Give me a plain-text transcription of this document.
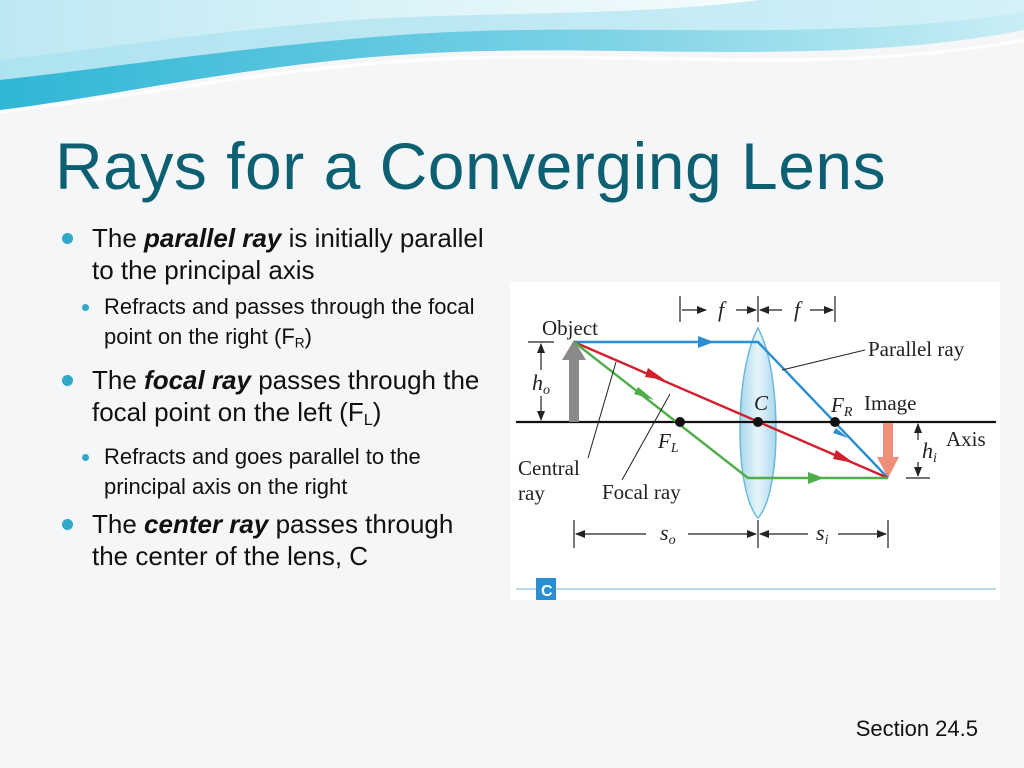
Rays for a Converging Lens
The parallel ray is initially parallel to the principal axis
Refracts and passes through the focal point on the right $(F_R)$
The focal ray passes through the focal point on the left $(F_L)$
Refracts and goes parallel to the principal axis on the right
The center ray passes through the center of the lens, C
f	f
ho
hi
so	si
Object
Parallel ray
C	FR Image
FL	Axis
Central
ray	Focal ray
C
Section 24.5
